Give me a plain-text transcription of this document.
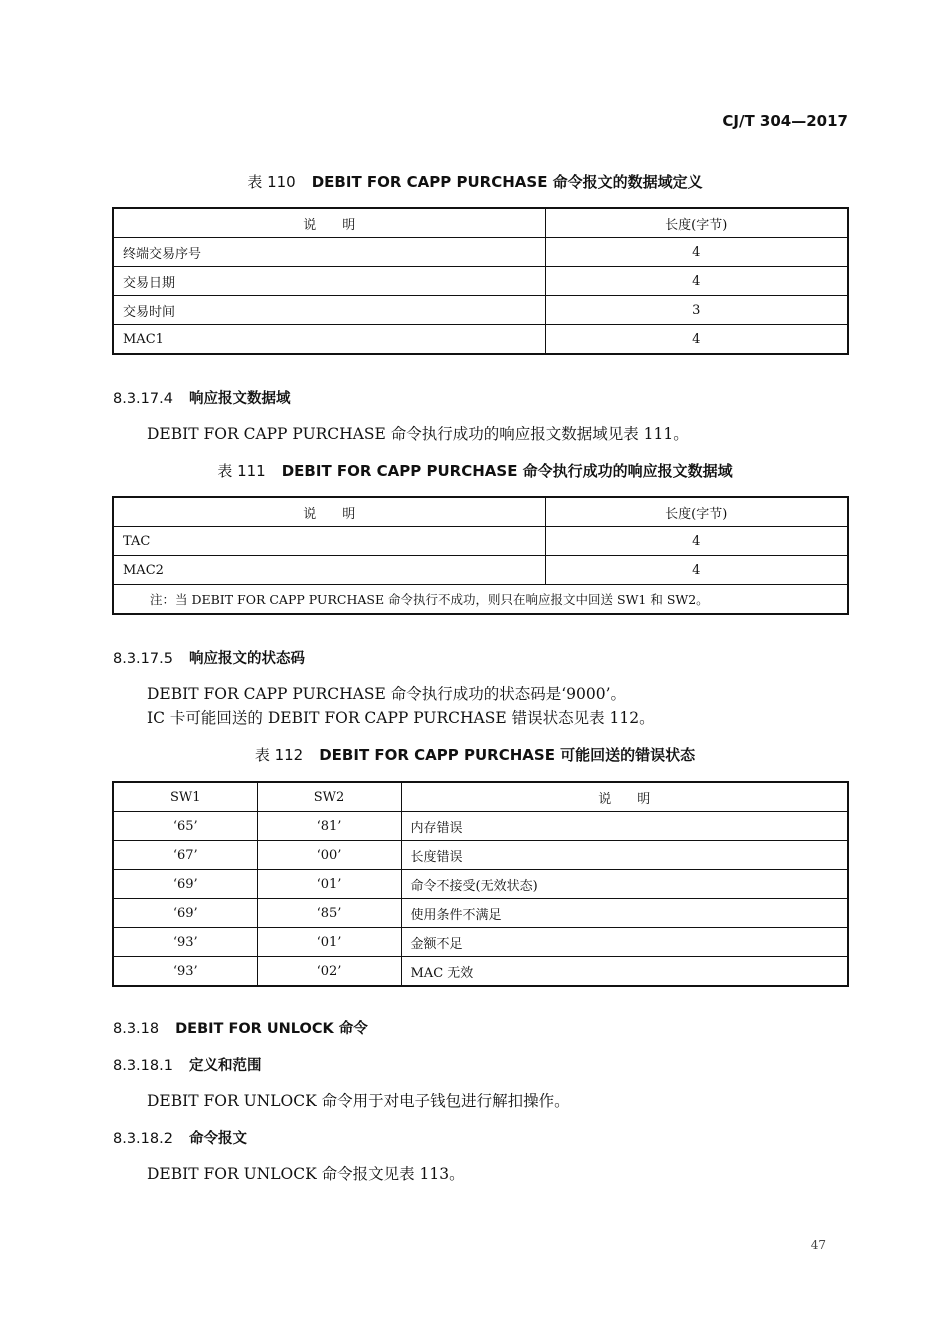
CJ/T 304—2017
表 110 DEBIT FOR CAPP PURCHASE 命令报文的数据域定义
说　　明	长度(字节)
终端交易序号	4
交易日期	4
交易时间	3
MAC1	4
8.3.17.4 响应报文数据域
DEBIT FOR CAPP PURCHASE 命令执行成功的响应报文数据域见表 111。
表 111 DEBIT FOR CAPP PURCHASE 命令执行成功的响应报文数据域
说　　明	长度(字节)
TAC	4
MAC2	4
注：当 DEBIT FOR CAPP PURCHASE 命令执行不成功，则只在响应报文中回送 SW1 和 SW2。	
8.3.17.5 响应报文的状态码
DEBIT FOR CAPP PURCHASE 命令执行成功的状态码是‘9000’。
IC 卡可能回送的 DEBIT FOR CAPP PURCHASE 错误状态见表 112。
表 112 DEBIT FOR CAPP PURCHASE 可能回送的错误状态
SW1	SW2	说　　明
‘65’	‘81’	内存错误
‘67’	‘00’	长度错误
‘69’	‘01’	命令不接受(无效状态)
‘69’	‘85’	使用条件不满足
‘93’	‘01’	金额不足
‘93’	‘02’	MAC 无效
8.3.18 DEBIT FOR UNLOCK 命令
8.3.18.1 定义和范围
DEBIT FOR UNLOCK 命令用于对电子钱包进行解扣操作。
8.3.18.2 命令报文
DEBIT FOR UNLOCK 命令报文见表 113。
47
